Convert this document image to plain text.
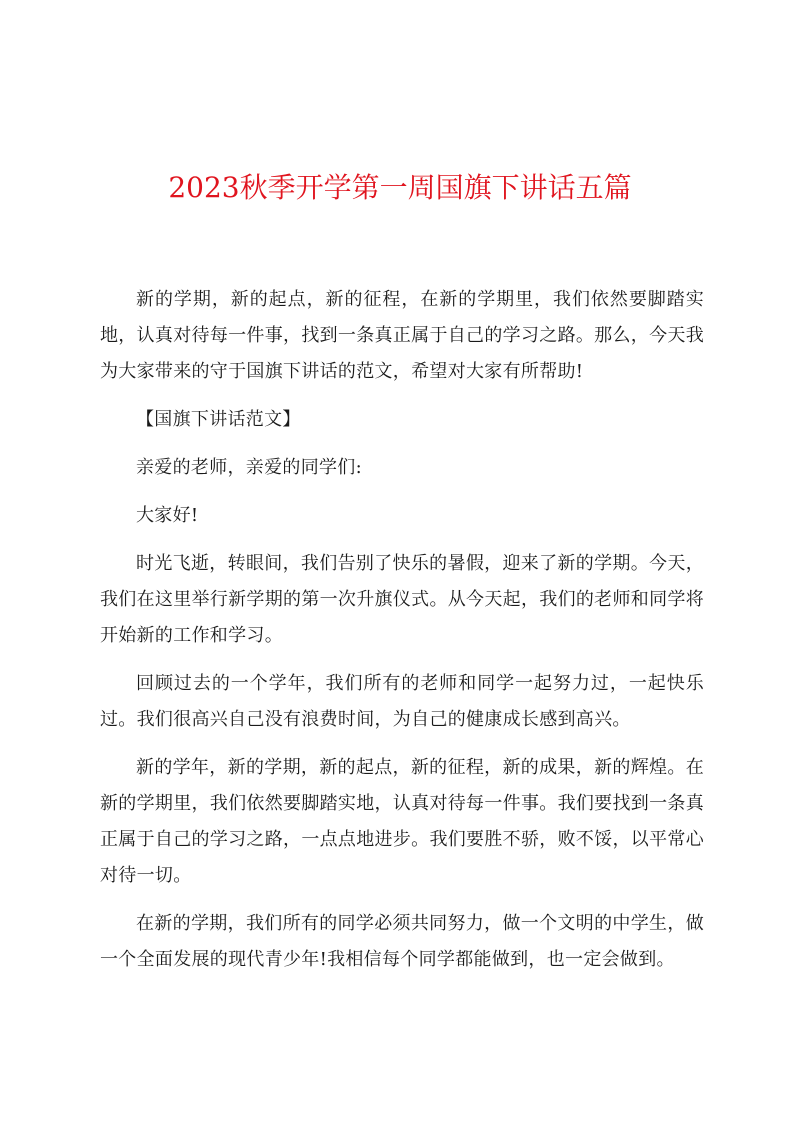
2023秋季开学第一周国旗下讲话五篇

新的学期，新的起点，新的征程，在新的学期里，我们依然要脚踏实地，认真对待每一件事，找到一条真正属于自己的学习之路。那么，今天我为大家带来的守于国旗下讲话的范文，希望对大家有所帮助!

【国旗下讲话范文】

亲爱的老师，亲爱的同学们:

大家好!

时光飞逝，转眼间，我们告别了快乐的暑假，迎来了新的学期。今天，我们在这里举行新学期的第一次升旗仪式。从今天起，我们的老师和同学将开始新的工作和学习。

回顾过去的一个学年，我们所有的老师和同学一起努力过，一起快乐过。我们很高兴自己没有浪费时间，为自己的健康成长感到高兴。

新的学年，新的学期，新的起点，新的征程，新的成果，新的辉煌。在新的学期里，我们依然要脚踏实地，认真对待每一件事。我们要找到一条真正属于自己的学习之路，一点点地进步。我们要胜不骄，败不馁，以平常心对待一切。

在新的学期，我们所有的同学必须共同努力，做一个文明的中学生，做一个全面发展的现代青少年!我相信每个同学都能做到，也一定会做到。
